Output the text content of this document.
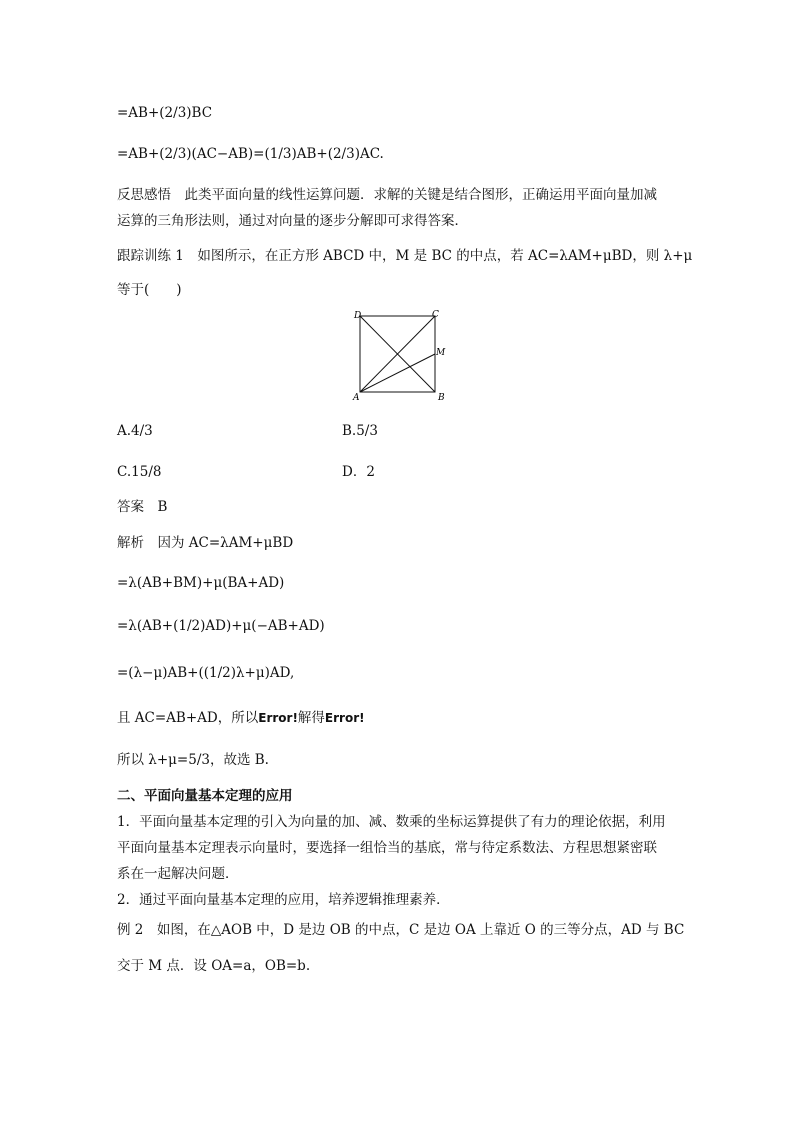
=AB+(2/3)BC
=AB+(2/3)(AC−AB)=(1/3)AB+(2/3)AC.
反思感悟　此类平面向量的线性运算问题．求解的关键是结合图形，正确运用平面向量加减
运算的三角形法则，通过对向量的逐步分解即可求得答案．
跟踪训练 1　如图所示，在正方形 ABCD 中，M 是 BC 的中点，若 AC=λAM+μBD，则 λ+μ
等于(　　)
A	B
C
D
M
A.4/3	B.5/3
C.15/8	D．2
答案　B
解析　因为 AC=λAM+μBD
=λ(AB+BM)+μ(BA+AD)
=λ(AB+(1/2)AD)+μ(−AB+AD)
=(λ−μ)AB+((1/2)λ+μ)AD,
且 AC=AB+AD，所以Error!解得Error!
所以 λ+μ=5/3，故选 B.
二、平面向量基本定理的应用
1．平面向量基本定理的引入为向量的加、减、数乘的坐标运算提供了有力的理论依据，利用
平面向量基本定理表示向量时，要选择一组恰当的基底，常与待定系数法、方程思想紧密联
系在一起解决问题．
2．通过平面向量基本定理的应用，培养逻辑推理素养．
例 2　如图，在△AOB 中，D 是边 OB 的中点，C 是边 OA 上靠近 O 的三等分点，AD 与 BC
交于 M 点．设 OA=a，OB=b.
